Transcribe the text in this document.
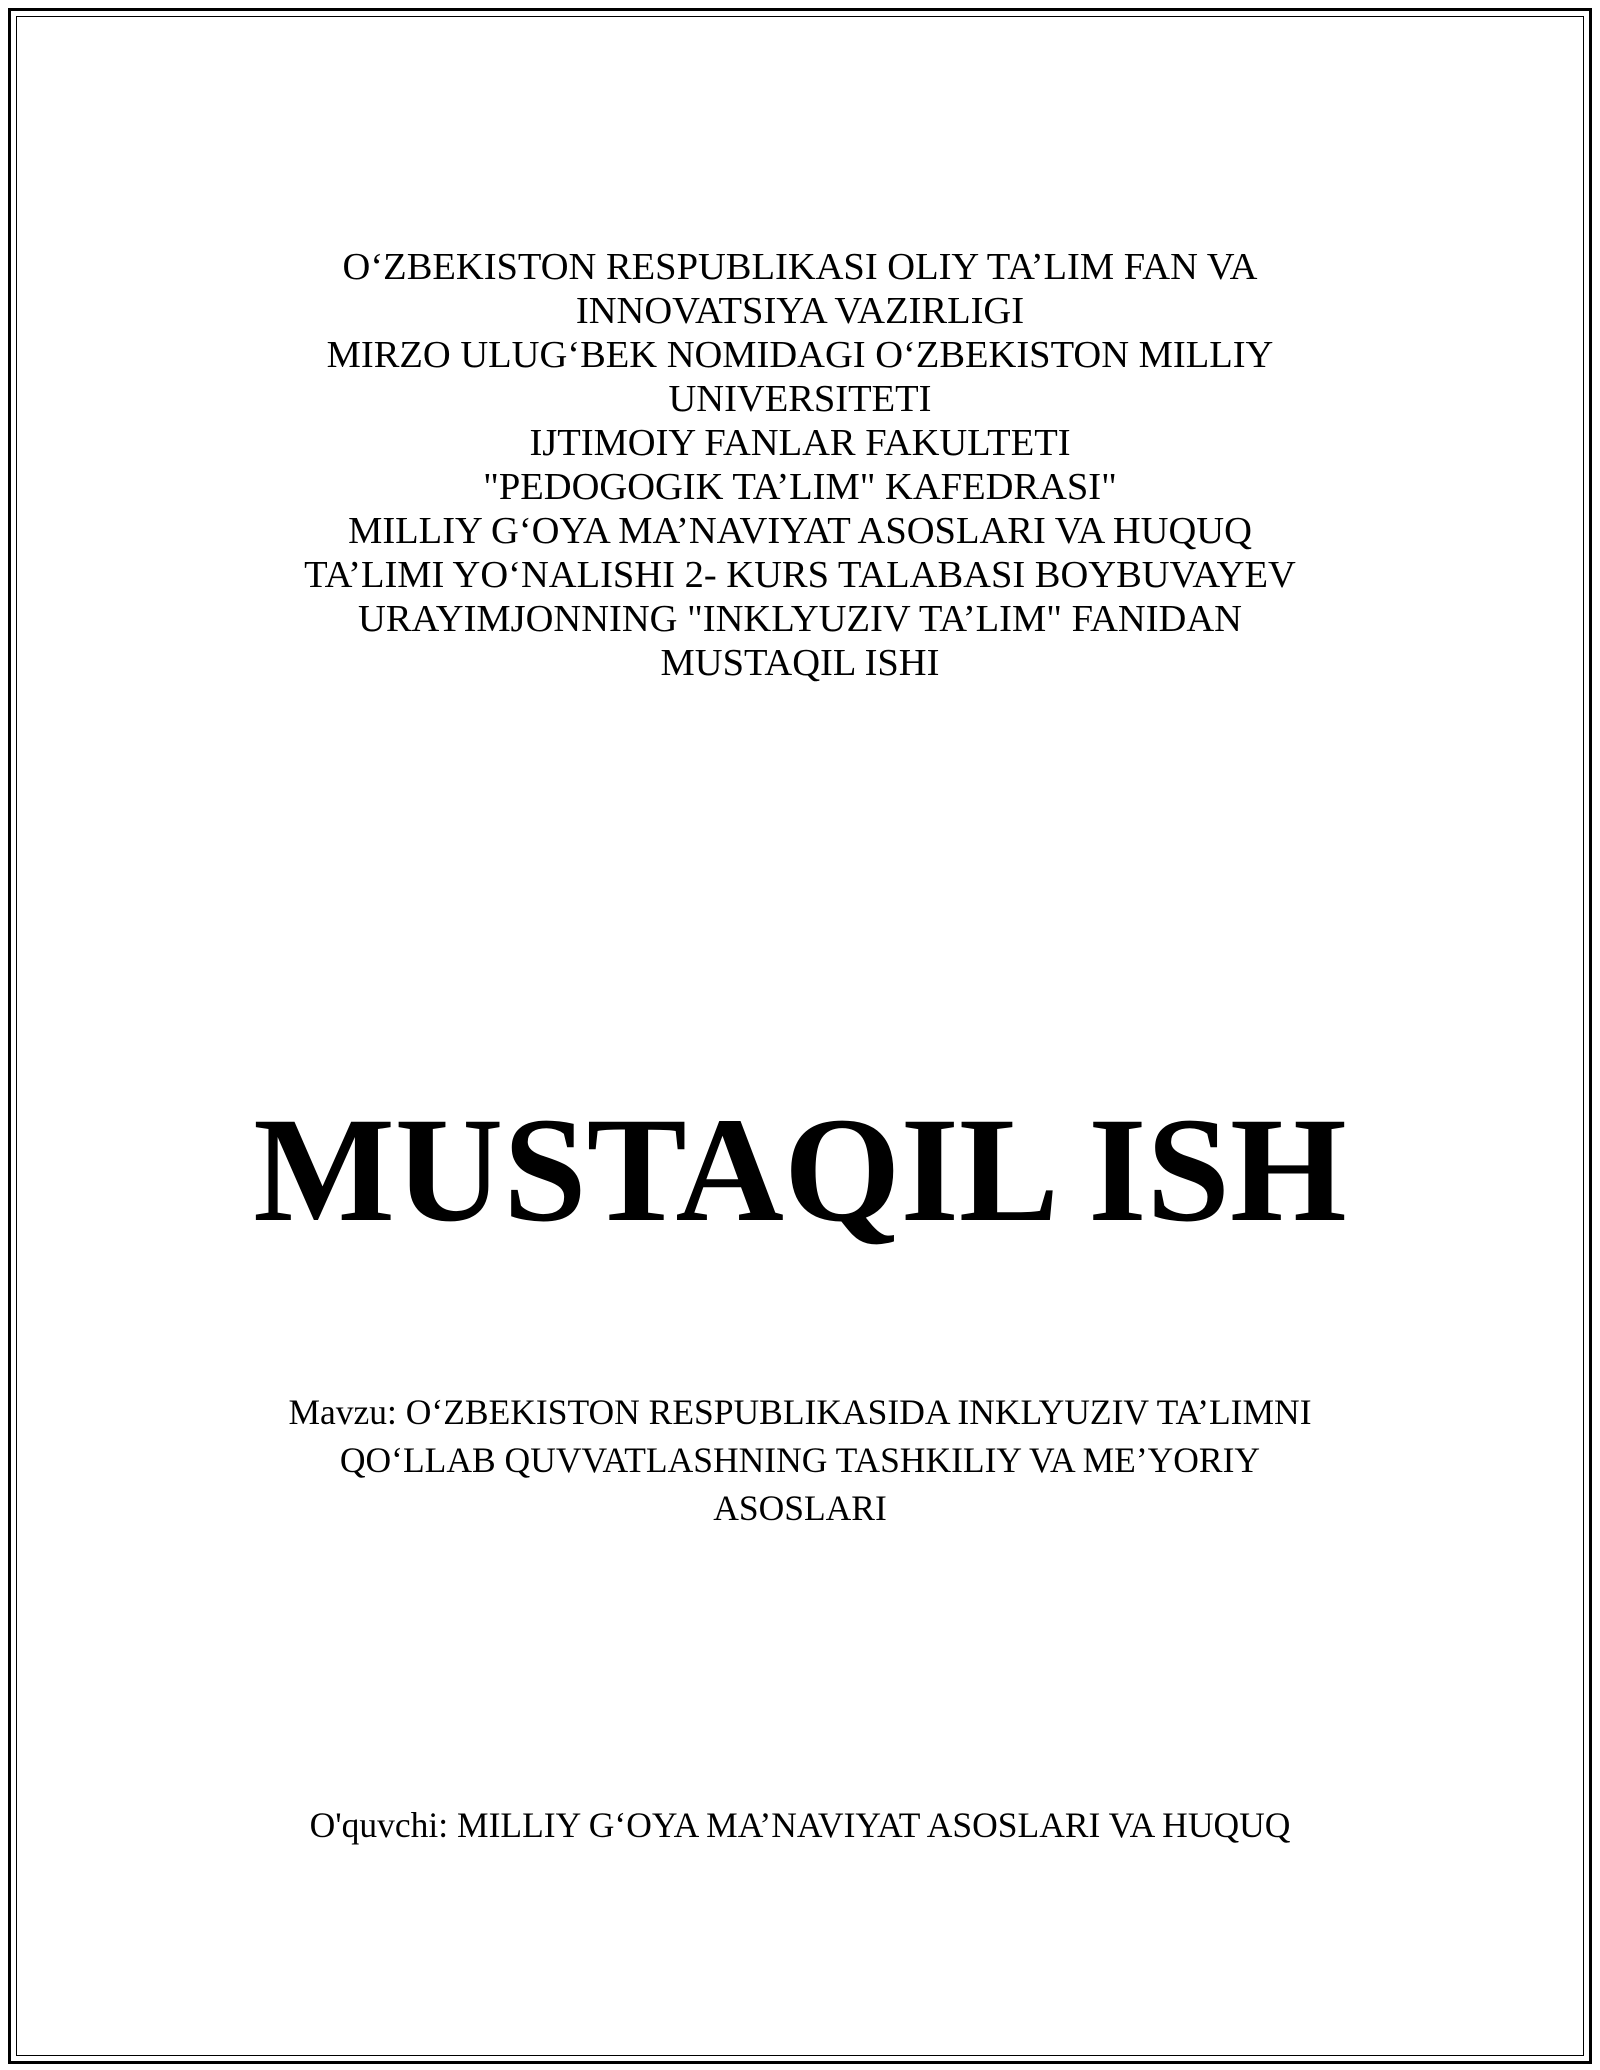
O‘ZBEKISTON RESPUBLIKASI OLIY TA’LIM FAN VA
INNOVATSIYA VAZIRLIGI
MIRZO ULUG‘BEK NOMIDAGI O‘ZBEKISTON MILLIY
UNIVERSITETI
IJTIMOIY FANLAR FAKULTETI
"PEDOGOGIK TA’LIM" KAFEDRASI"
MILLIY G‘OYA MA’NAVIYAT ASOSLARI VA HUQUQ
TA’LIMI YO‘NALISHI 2- KURS TALABASI BOYBUVAYEV
URAYIMJONNING "INKLYUZIV TA’LIM" FANIDAN
MUSTAQIL ISHI
MUSTAQIL ISH
Mavzu: O‘ZBEKISTON RESPUBLIKASIDA INKLYUZIV TA’LIMNI
QO‘LLAB QUVVATLASHNING TASHKILIY VA ME’YORIY
ASOSLARI
O'quvchi: MILLIY G‘OYA MA’NAVIYAT ASOSLARI VA HUQUQ
